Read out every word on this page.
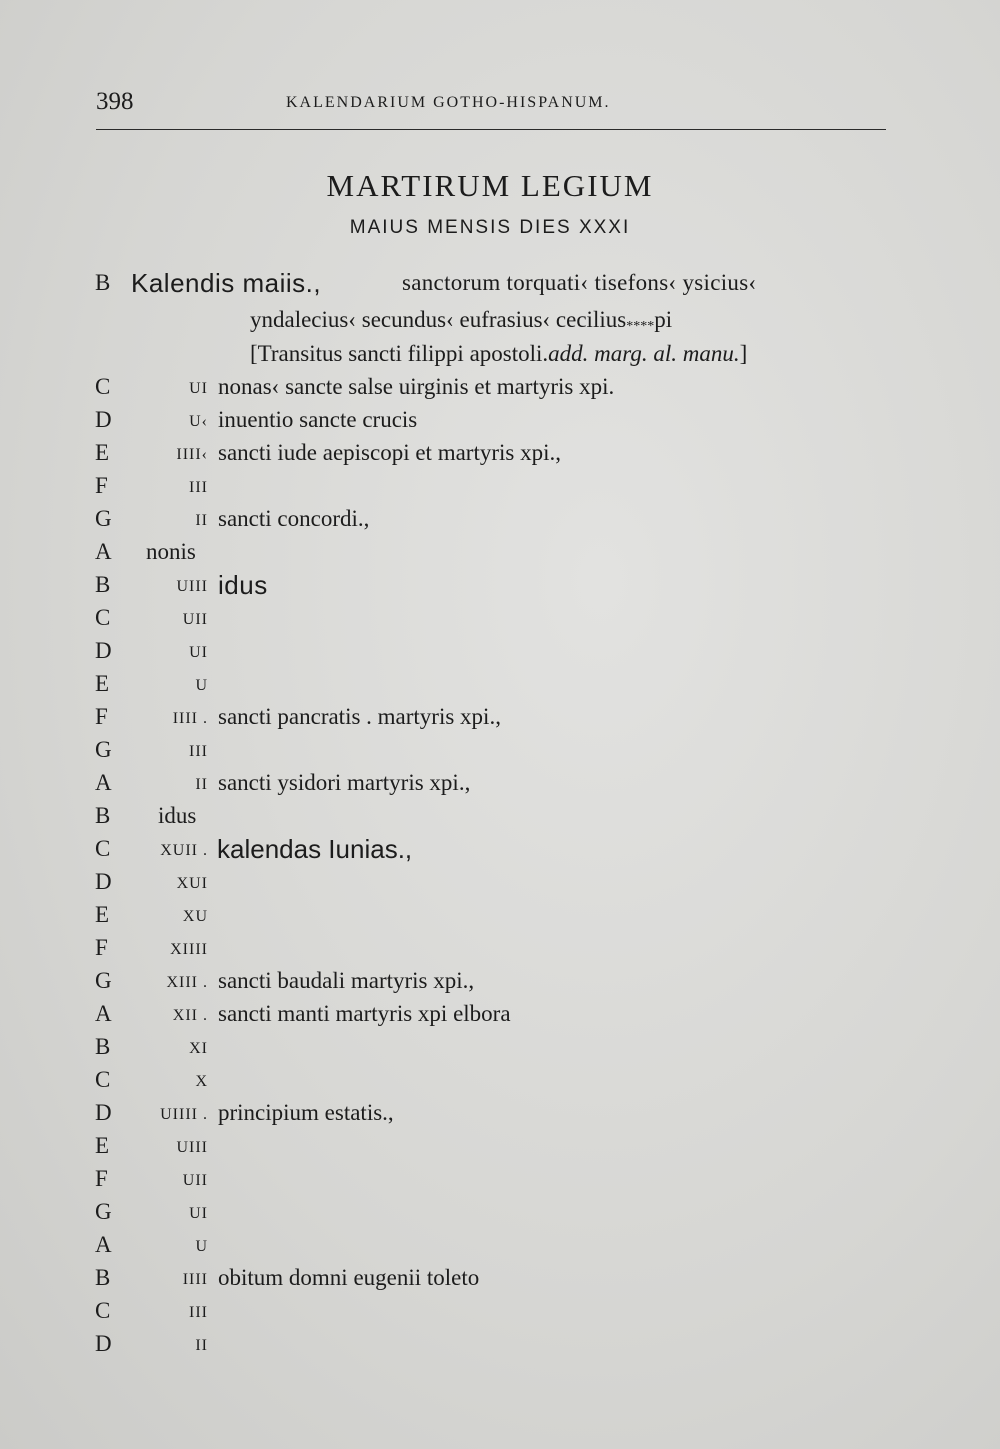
398	KALENDARIUM GOTHO-HISPANUM.
MARTIRUM LEGIUM
MAIUS MENSIS DIES XXXI
B Kalendis maiis.,	sanctorum torquati‹ tisefons‹ ysicius‹
yndalecius‹ secundus‹ eufrasius‹ cecilius****pi
[Transitus sancti filippi apostoli.add. marg. al. manu.]
C	UI nonas‹ sancte salse uirginis et martyris xpi.
D	U‹ inuentio sancte crucis
E	IIII‹ sancti iude aepiscopi et martyris xpi.,
F	III
G	II sancti concordi.,
A	nonis
B	UIII idus
C	UII
D	UI
E	U
F	IIII . sancti pancratis . martyris xpi.,
G	III
A	II sancti ysidori martyris xpi.,
B	idus
C	XUII . kalendas Iunias.,
D	XUI
E	XU
F	XIIII
G	XIII . sancti baudali martyris xpi.,
A	XII . sancti manti martyris xpi elbora
B	XI
C	X
D	UIIII . principium estatis.,
E	UIII
F	UII
G	UI
A	U
B	IIII obitum domni eugenii toleto
C	III
D	II
